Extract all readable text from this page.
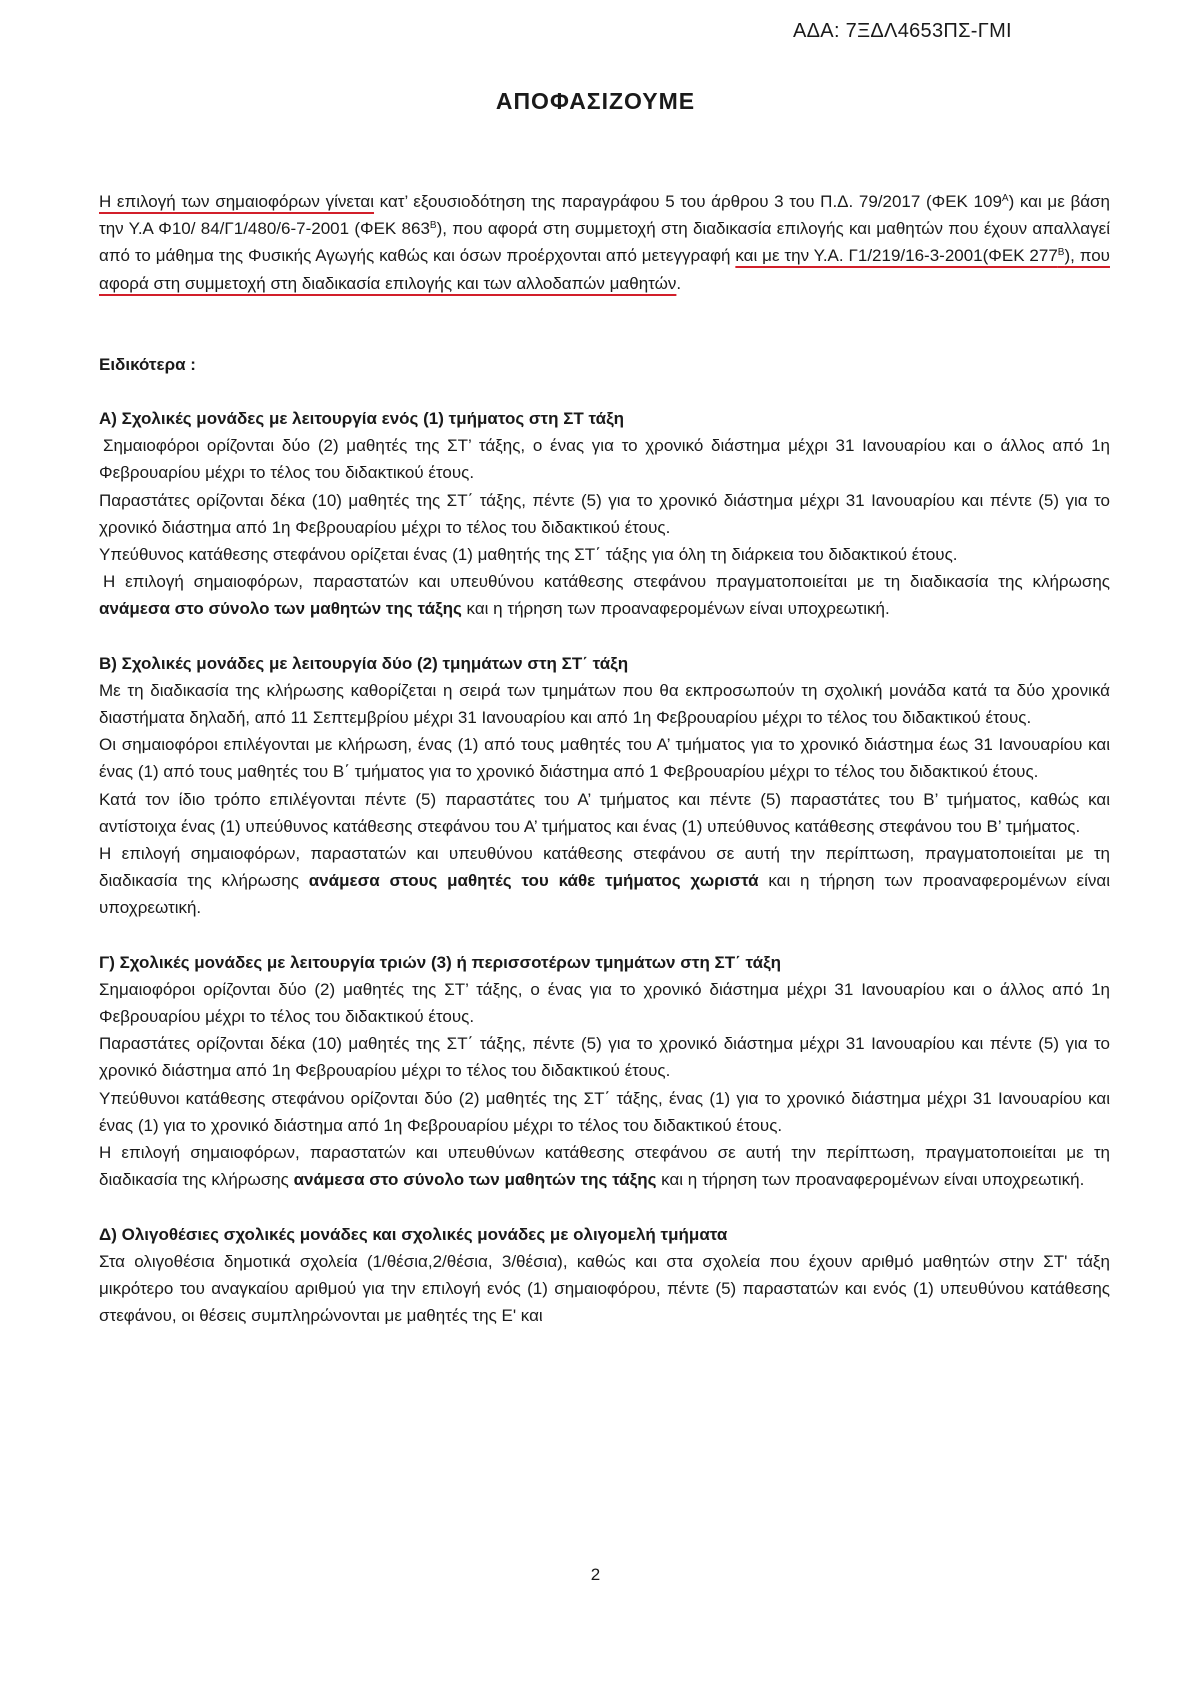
ΑΔΑ: 7ΞΔΛ4653ΠΣ-ΓΜΙ
ΑΠΟΦΑΣΙΖΟΥΜΕ

Η επιλογή των σημαιοφόρων γίνεται κατ’ εξουσιοδότηση της παραγράφου 5 του άρθρου 3 του Π.Δ. 79/2017 (ΦΕΚ $109^A$) και με βάση την Υ.Α Φ10/ 84/Γ1/480/6-7-2001 (ΦΕΚ $863^B$), που αφορά στη συμμετοχή στη διαδικασία επιλογής και μαθητών που έχουν απαλλαγεί από το μάθημα της Φυσικής Αγωγής καθώς και όσων προέρχονται από μετεγγραφή και με την Υ.Α. Γ1/219/16-3-2001(ΦΕΚ $277^B$), που αφορά στη συμμετοχή στη διαδικασία επιλογής και των αλλοδαπών μαθητών.

Ειδικότερα :

Α) Σχολικές μονάδες με λειτουργία ενός (1) τμήματος στη ΣΤ τάξη

Σημαιοφόροι ορίζονται δύο (2) μαθητές της ΣΤ’ τάξης, ο ένας για το χρονικό διάστημα μέχρι 31 Ιανουαρίου και ο άλλος από 1η Φεβρουαρίου μέχρι το τέλος του διδακτικού έτους.

Παραστάτες ορίζονται δέκα (10) μαθητές της ΣΤ΄ τάξης, πέντε (5) για το χρονικό διάστημα μέχρι 31 Ιανουαρίου και πέντε (5) για το χρονικό διάστημα από 1η Φεβρουαρίου μέχρι το τέλος του διδακτικού έτους.

Υπεύθυνος κατάθεσης στεφάνου ορίζεται ένας (1) μαθητής της ΣΤ΄ τάξης για όλη τη διάρκεια του διδακτικού έτους.

Η επιλογή σημαιοφόρων, παραστατών και υπευθύνου κατάθεσης στεφάνου πραγματοποιείται με τη διαδικασία της κλήρωσης ανάμεσα στο σύνολο των μαθητών της τάξης και η τήρηση των προαναφερομένων είναι υποχρεωτική.

Β) Σχολικές μονάδες με λειτουργία δύο (2) τμημάτων στη ΣΤ΄ τάξη

Με τη διαδικασία της κλήρωσης καθορίζεται η σειρά των τμημάτων που θα εκπροσωπούν τη σχολική μονάδα κατά τα δύο χρονικά διαστήματα δηλαδή, από 11 Σεπτεμβρίου μέχρι 31 Ιανουαρίου και από 1η Φεβρουαρίου μέχρι το τέλος του διδακτικού έτους.

Οι σημαιοφόροι επιλέγονται με κλήρωση, ένας (1) από τους μαθητές του Α’ τμήματος για το χρονικό διάστημα έως 31 Ιανουαρίου και ένας (1) από τους μαθητές του Β΄ τμήματος για το χρονικό διάστημα από 1 Φεβρουαρίου μέχρι το τέλος του διδακτικού έτους.

Κατά τον ίδιο τρόπο επιλέγονται πέντε (5) παραστάτες του Α’ τμήματος και πέντε (5) παραστάτες του Β’ τμήματος, καθώς και αντίστοιχα ένας (1) υπεύθυνος κατάθεσης στεφάνου του Α’ τμήματος και ένας (1) υπεύθυνος κατάθεσης στεφάνου του Β’ τμήματος.

Η επιλογή σημαιοφόρων, παραστατών και υπευθύνου κατάθεσης στεφάνου σε αυτή την περίπτωση, πραγματοποιείται με τη διαδικασία της κλήρωσης ανάμεσα στους μαθητές του κάθε τμήματος χωριστά και η τήρηση των προαναφερομένων είναι υποχρεωτική.

Γ) Σχολικές μονάδες με λειτουργία τριών (3) ή περισσοτέρων τμημάτων στη ΣΤ΄ τάξη

Σημαιοφόροι ορίζονται δύο (2) μαθητές της ΣΤ’ τάξης, ο ένας για το χρονικό διάστημα μέχρι 31 Ιανουαρίου και ο άλλος από 1η Φεβρουαρίου μέχρι το τέλος του διδακτικού έτους.

Παραστάτες ορίζονται δέκα (10) μαθητές της ΣΤ΄ τάξης, πέντε (5) για το χρονικό διάστημα μέχρι 31 Ιανουαρίου και πέντε (5) για το χρονικό διάστημα από 1η Φεβρουαρίου μέχρι το τέλος του διδακτικού έτους.

Υπεύθυνοι κατάθεσης στεφάνου ορίζονται δύο (2) μαθητές της ΣΤ΄ τάξης, ένας (1) για το χρονικό διάστημα μέχρι 31 Ιανουαρίου και ένας (1) για το χρονικό διάστημα από 1η Φεβρουαρίου μέχρι το τέλος του διδακτικού έτους.

Η επιλογή σημαιοφόρων, παραστατών και υπευθύνων κατάθεσης στεφάνου σε αυτή την περίπτωση, πραγματοποιείται με τη διαδικασία της κλήρωσης ανάμεσα στο σύνολο των μαθητών της τάξης και η τήρηση των προαναφερομένων είναι υποχρεωτική.

Δ) Ολιγοθέσιες σχολικές μονάδες και σχολικές μονάδες με ολιγομελή τμήματα

Στα ολιγοθέσια δημοτικά σχολεία (1/θέσια,2/θέσια, 3/θέσια), καθώς και στα σχολεία που έχουν αριθμό μαθητών στην ΣΤ' τάξη μικρότερο του αναγκαίου αριθμού για την επιλογή ενός (1) σημαιοφόρου, πέντε (5) παραστατών και ενός (1) υπευθύνου κατάθεσης στεφάνου, οι θέσεις συμπληρώνονται με μαθητές της Ε' και

2
